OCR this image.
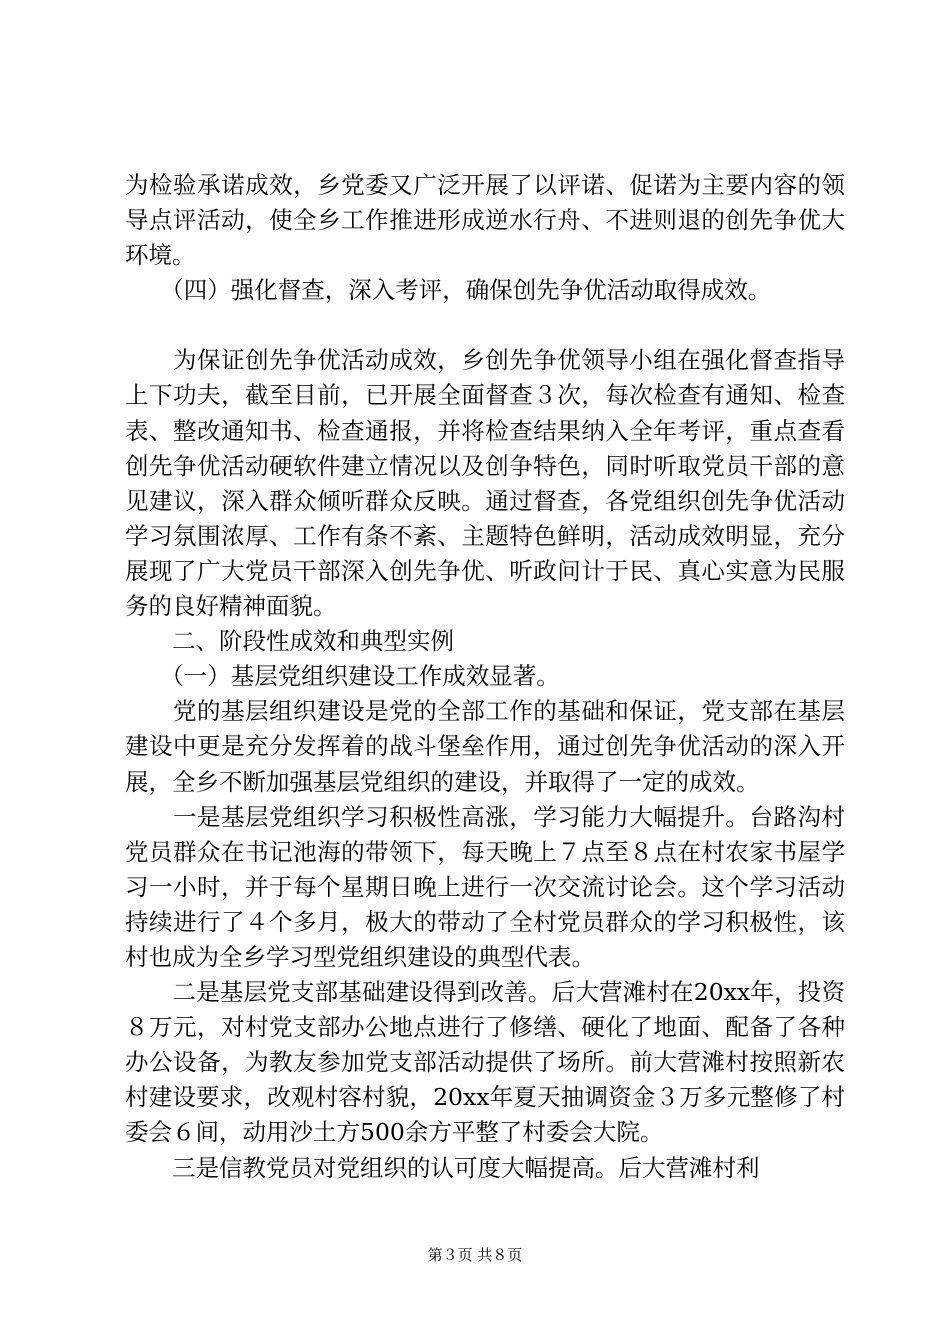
为检验承诺成效，乡党委又广泛开展了以评诺、促诺为主要内容的领导点评活动，使全乡工作推进形成逆水行舟、不进则退的创先争优大环境。

　　（四）强化督查，深入考评，确保创先争优活动取得成效。

　　为保证创先争优活动成效，乡创先争优领导小组在强化督查指导上下功夫，截至目前，已开展全面督查３次，每次检查有通知、检查表、整改通知书、检查通报，并将检查结果纳入全年考评，重点查看创先争优活动硬软件建立情况以及创争特色，同时听取党员干部的意见建议，深入群众倾听群众反映。通过督查，各党组织创先争优活动学习氛围浓厚、工作有条不紊、主题特色鲜明，活动成效明显，充分展现了广大党员干部深入创先争优、听政问计于民、真心实意为民服务的良好精神面貌。

　　二、阶段性成效和典型实例

　　（一）基层党组织建设工作成效显著。

　　党的基层组织建设是党的全部工作的基础和保证，党支部在基层建设中更是充分发挥着的战斗堡垒作用，通过创先争优活动的深入开展，全乡不断加强基层党组织的建设，并取得了一定的成效。

　　一是基层党组织学习积极性高涨，学习能力大幅提升。台路沟村党员群众在书记池海的带领下，每天晚上７点至８点在村农家书屋学习一小时，并于每个星期日晚上进行一次交流讨论会。这个学习活动持续进行了４个多月，极大的带动了全村党员群众的学习积极性，该村也成为全乡学习型党组织建设的典型代表。

　　二是基层党支部基础建设得到改善。后大营滩村在20xx年，投资８万元，对村党支部办公地点进行了修缮、硬化了地面、配备了各种办公设备，为教友参加党支部活动提供了场所。前大营滩村按照新农村建设要求，改观村容村貌，20xx年夏天抽调资金３万多元整修了村委会６间，动用沙土方500余方平整了村委会大院。

　　三是信教党员对党组织的认可度大幅提高。后大营滩村利

第３页 共８页
